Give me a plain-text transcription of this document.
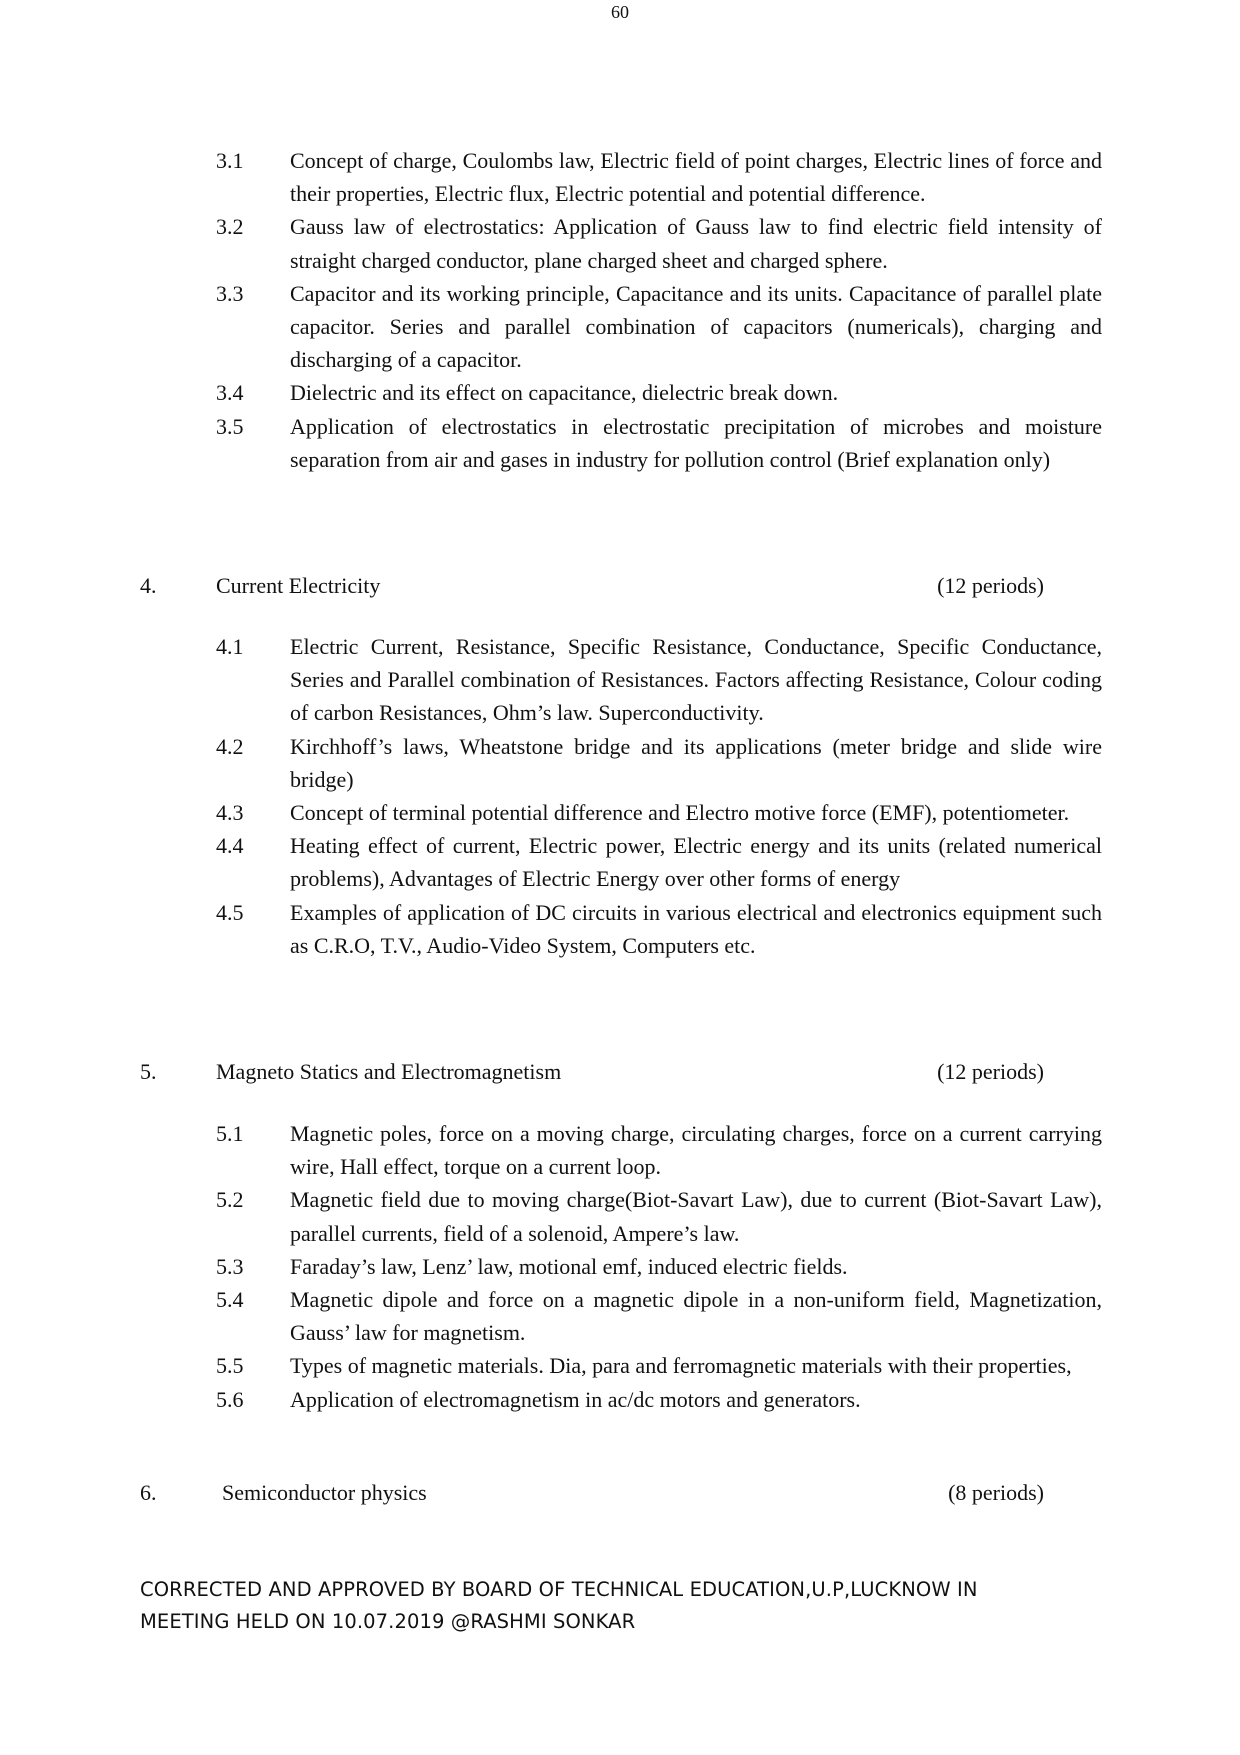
60
3.1	Concept of charge, Coulombs law, Electric field of point charges, Electric lines of force and their properties, Electric flux, Electric potential and potential difference.
3.2	Gauss law of electrostatics: Application of Gauss law to find electric field intensity of straight charged conductor, plane charged sheet and charged sphere.
3.3	Capacitor and its working principle, Capacitance and its units. Capacitance of parallel plate capacitor. Series and parallel combination of capacitors (numericals), charging and discharging of a capacitor.
3.4	Dielectric and its effect on capacitance, dielectric break down.
3.5	Application of electrostatics in electrostatic precipitation of microbes and moisture separation from air and gases in industry for pollution control (Brief explanation only)
4.	Current Electricity	(12 periods)
4.1	Electric Current, Resistance, Specific Resistance, Conductance, Specific Conductance, Series and Parallel combination of Resistances. Factors affecting Resistance, Colour coding of carbon Resistances, Ohm’s law. Superconductivity.
4.2	Kirchhoff’s laws, Wheatstone bridge and its applications (meter bridge and slide wire bridge)
4.3	Concept of terminal potential difference and Electro motive force (EMF), potentiometer.
4.4	Heating effect of current, Electric power, Electric energy and its units (related numerical problems), Advantages of Electric Energy over other forms of energy
4.5	Examples of application of DC circuits in various electrical and electronics equipment such as C.R.O, T.V., Audio-Video System, Computers etc.
5.	Magneto Statics and Electromagnetism	(12 periods)
5.1	Magnetic poles, force on a moving charge, circulating charges, force on a current carrying wire, Hall effect, torque on a current loop.
5.2	Magnetic field due to moving charge(Biot-Savart Law), due to current (Biot-Savart Law), parallel currents, field of a solenoid, Ampere’s law.
5.3	Faraday’s law, Lenz’ law, motional emf, induced electric fields.
5.4	Magnetic dipole and force on a magnetic dipole in a non-uniform field, Magnetization, Gauss’ law for magnetism.
5.5	Types of magnetic materials. Dia, para and ferromagnetic materials with their properties,
5.6	Application of electromagnetism in ac/dc motors and generators.
6.	Semiconductor physics	(8 periods)
CORRECTED AND APPROVED BY BOARD OF TECHNICAL EDUCATION,U.P,LUCKNOW IN
MEETING HELD ON 10.07.2019 @RASHMI SONKAR
